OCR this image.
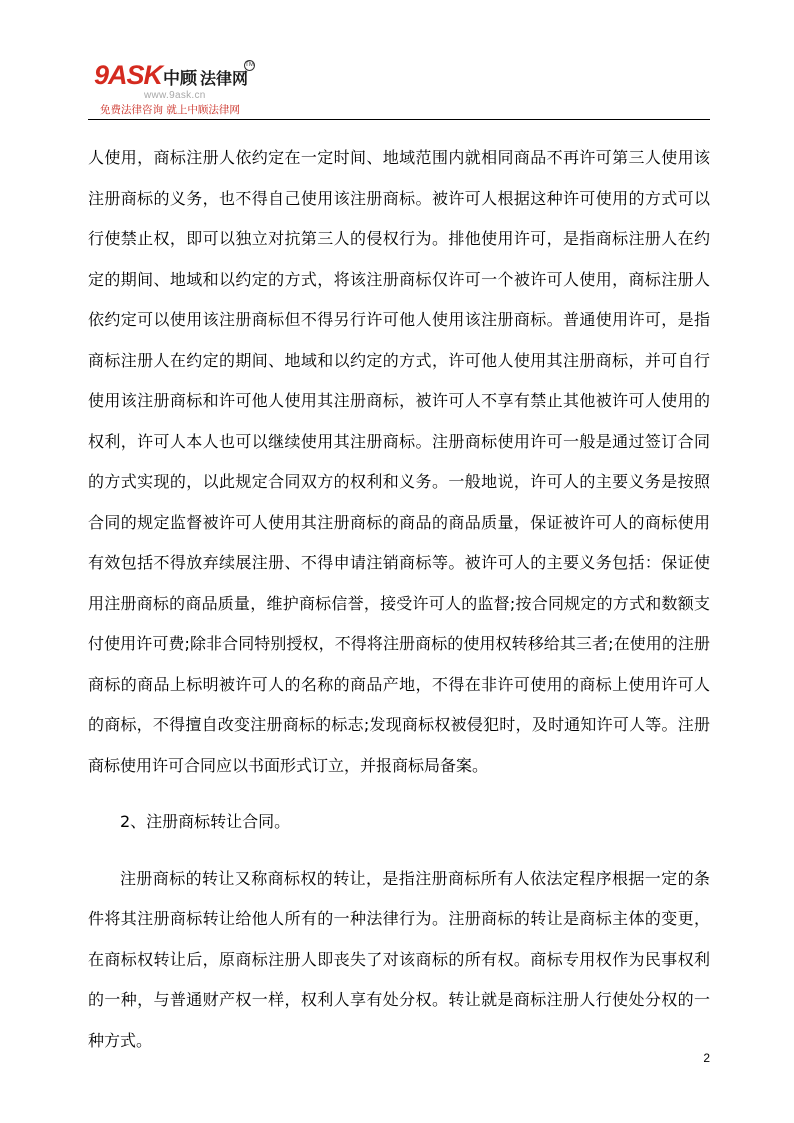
9ASK中顾 法律网
TM
www.9ask.cn
免费法律咨询 就上中顾法律网

人使用，商标注册人依约定在一定时间、地域范围内就相同商品不再许可第三人使用该注册商标的义务，也不得自己使用该注册商标。被许可人根据这种许可使用的方式可以行使禁止权，即可以独立对抗第三人的侵权行为。排他使用许可，是指商标注册人在约定的期间、地域和以约定的方式，将该注册商标仅许可一个被许可人使用，商标注册人依约定可以使用该注册商标但不得另行许可他人使用该注册商标。普通使用许可，是指商标注册人在约定的期间、地域和以约定的方式，许可他人使用其注册商标，并可自行使用该注册商标和许可他人使用其注册商标，被许可人不享有禁止其他被许可人使用的权利，许可人本人也可以继续使用其注册商标。注册商标使用许可一般是通过签订合同的方式实现的，以此规定合同双方的权利和义务。一般地说，许可人的主要义务是按照合同的规定监督被许可人使用其注册商标的商品的商品质量，保证被许可人的商标使用有效包括不得放弃续展注册、不得申请注销商标等。被许可人的主要义务包括：保证使用注册商标的商品质量，维护商标信誉，接受许可人的监督;按合同规定的方式和数额支付使用许可费;除非合同特别授权，不得将注册商标的使用权转移给其三者;在使用的注册商标的商品上标明被许可人的名称的商品产地，不得在非许可使用的商标上使用许可人的商标，不得擅自改变注册商标的标志;发现商标权被侵犯时，及时通知许可人等。注册商标使用许可合同应以书面形式订立，并报商标局备案。

2、注册商标转让合同。

注册商标的转让又称商标权的转让，是指注册商标所有人依法定程序根据一定的条件将其注册商标转让给他人所有的一种法律行为。注册商标的转让是商标主体的变更，在商标权转让后，原商标注册人即丧失了对该商标的所有权。商标专用权作为民事权利的一种，与普通财产权一样，权利人享有处分权。转让就是商标注册人行使处分权的一种方式。

2
